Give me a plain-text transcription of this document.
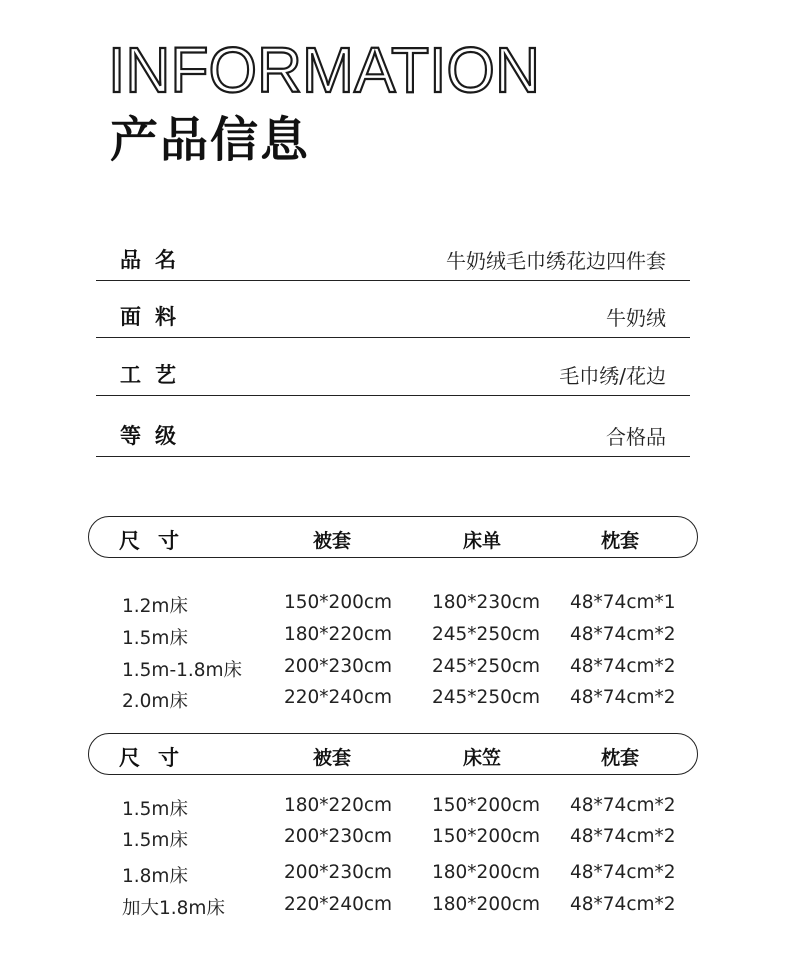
INFORMATION
产品信息
品名	牛奶绒毛巾绣花边四件套
面料	牛奶绒
工艺	毛巾绣/花边
等级	合格品
尺寸	被套	床单	枕套
1.2m床	150*200cm 180*230cm 48*74cm*1
1.5m床	180*220cm 245*250cm 48*74cm*2
1.5m-1.8m床 200*230cm 245*250cm 48*74cm*2
2.0m床	220*240cm 245*250cm 48*74cm*2
尺寸	被套	床笠	枕套
1.5m床	180*220cm 150*200cm 48*74cm*2
1.5m床	200*230cm 150*200cm 48*74cm*2
1.8m床	200*230cm 180*200cm 48*74cm*2
加大1.8m床	220*240cm 180*200cm 48*74cm*2
